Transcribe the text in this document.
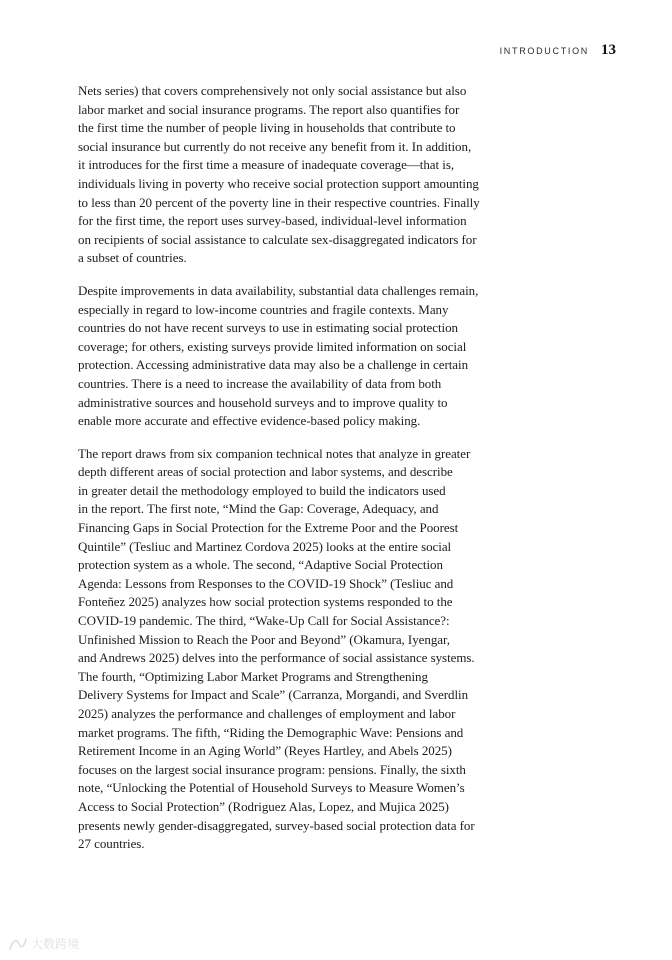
INTRODUCTION 13

Nets series) that covers comprehensively not only social assistance but also
labor market and social insurance programs. The report also quantifies for
the first time the number of people living in households that contribute to
social insurance but currently do not receive any benefit from it. In addition,
it introduces for the first time a measure of inadequate coverage—that is,
individuals living in poverty who receive social protection support amounting
to less than 20 percent of the poverty line in their respective countries. Finally
for the first time, the report uses survey-based, individual-level information
on recipients of social assistance to calculate sex-disaggregated indicators for
a subset of countries.

Despite improvements in data availability, substantial data challenges remain,
especially in regard to low-income countries and fragile contexts. Many
countries do not have recent surveys to use in estimating social protection
coverage; for others, existing surveys provide limited information on social
protection. Accessing administrative data may also be a challenge in certain
countries. There is a need to increase the availability of data from both
administrative sources and household surveys and to improve quality to
enable more accurate and effective evidence-based policy making.

The report draws from six companion technical notes that analyze in greater
depth different areas of social protection and labor systems, and describe
in greater detail the methodology employed to build the indicators used
in the report. The first note, “Mind the Gap: Coverage, Adequacy, and
Financing Gaps in Social Protection for the Extreme Poor and the Poorest
Quintile” (Tesliuc and Martinez Cordova 2025) looks at the entire social
protection system as a whole. The second, “Adaptive Social Protection
Agenda: Lessons from Responses to the COVID-19 Shock” (Tesliuc and
Fonteñez 2025) analyzes how social protection systems responded to the
COVID-19 pandemic. The third, “Wake-Up Call for Social Assistance?:
Unfinished Mission to Reach the Poor and Beyond” (Okamura, Iyengar,
and Andrews 2025) delves into the performance of social assistance systems.
The fourth, “Optimizing Labor Market Programs and Strengthening
Delivery Systems for Impact and Scale” (Carranza, Morgandi, and Sverdlin
2025) analyzes the performance and challenges of employment and labor
market programs. The fifth, “Riding the Demographic Wave: Pensions and
Retirement Income in an Aging World” (Reyes Hartley, and Abels 2025)
focuses on the largest social insurance program: pensions. Finally, the sixth
note, “Unlocking the Potential of Household Surveys to Measure Women’s
Access to Social Protection” (Rodriguez Alas, Lopez, and Mujica 2025)
presents newly gender-disaggregated, survey-based social protection data for
27 countries.

大数跨境
